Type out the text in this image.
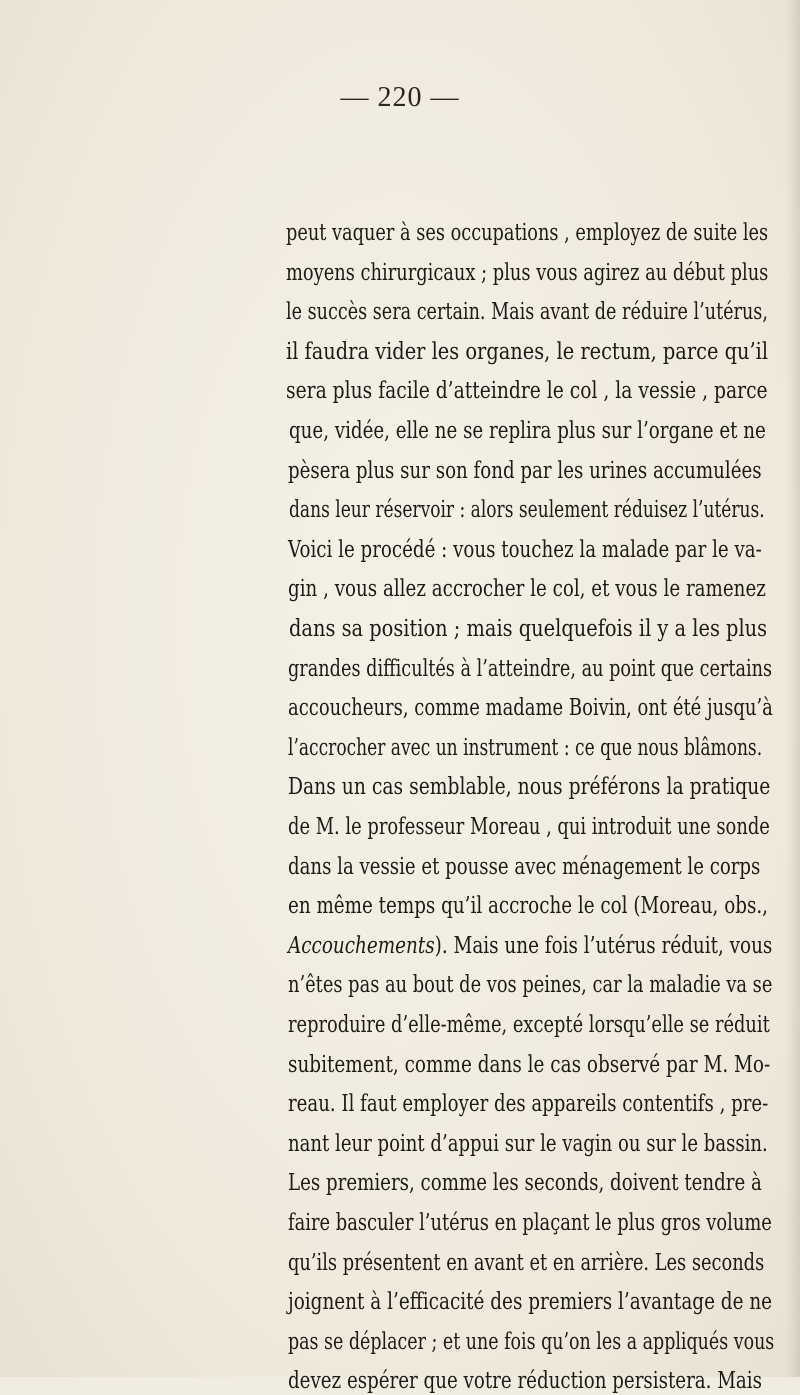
— 220 —
peut vaquer à ses occupations , employez de suite les
moyens chirurgicaux ; plus vous agirez au début plus
le succès sera certain. Mais avant de réduire l’utérus,
il faudra vider les organes, le rectum, parce qu’il
sera plus facile d’atteindre le col , la vessie , parce
que, vidée, elle ne se replira plus sur l’organe et ne
pèsera plus sur son fond par les urines accumulées
dans leur réservoir : alors seulement réduisez l’utérus.
Voici le procédé : vous touchez la malade par le va-
gin , vous allez accrocher le col, et vous le ramenez
dans sa position ; mais quelquefois il y a les plus
grandes difficultés à l’atteindre, au point que certains
accoucheurs, comme madame Boivin, ont été jusqu’à
l’accrocher avec un instrument : ce que nous blâmons.
Dans un cas semblable, nous préférons la pratique
de M. le professeur Moreau , qui introduit une sonde
dans la vessie et pousse avec ménagement le corps
en même temps qu’il accroche le col (Moreau, obs.,
Accouchements). Mais une fois l’utérus réduit, vous
n’êtes pas au bout de vos peines, car la maladie va se
reproduire d’elle-même, excepté lorsqu’elle se réduit
subitement, comme dans le cas observé par M. Mo-
reau. Il faut employer des appareils contentifs , pre-
nant leur point d’appui sur le vagin ou sur le bassin.
Les premiers, comme les seconds, doivent tendre à
faire basculer l’utérus en plaçant le plus gros volume
qu’ils présentent en avant et en arrière. Les seconds
joignent à l’efficacité des premiers l’avantage de ne
pas se déplacer ; et une fois qu’on les a appliqués vous
devez espérer que votre réduction persistera. Mais
